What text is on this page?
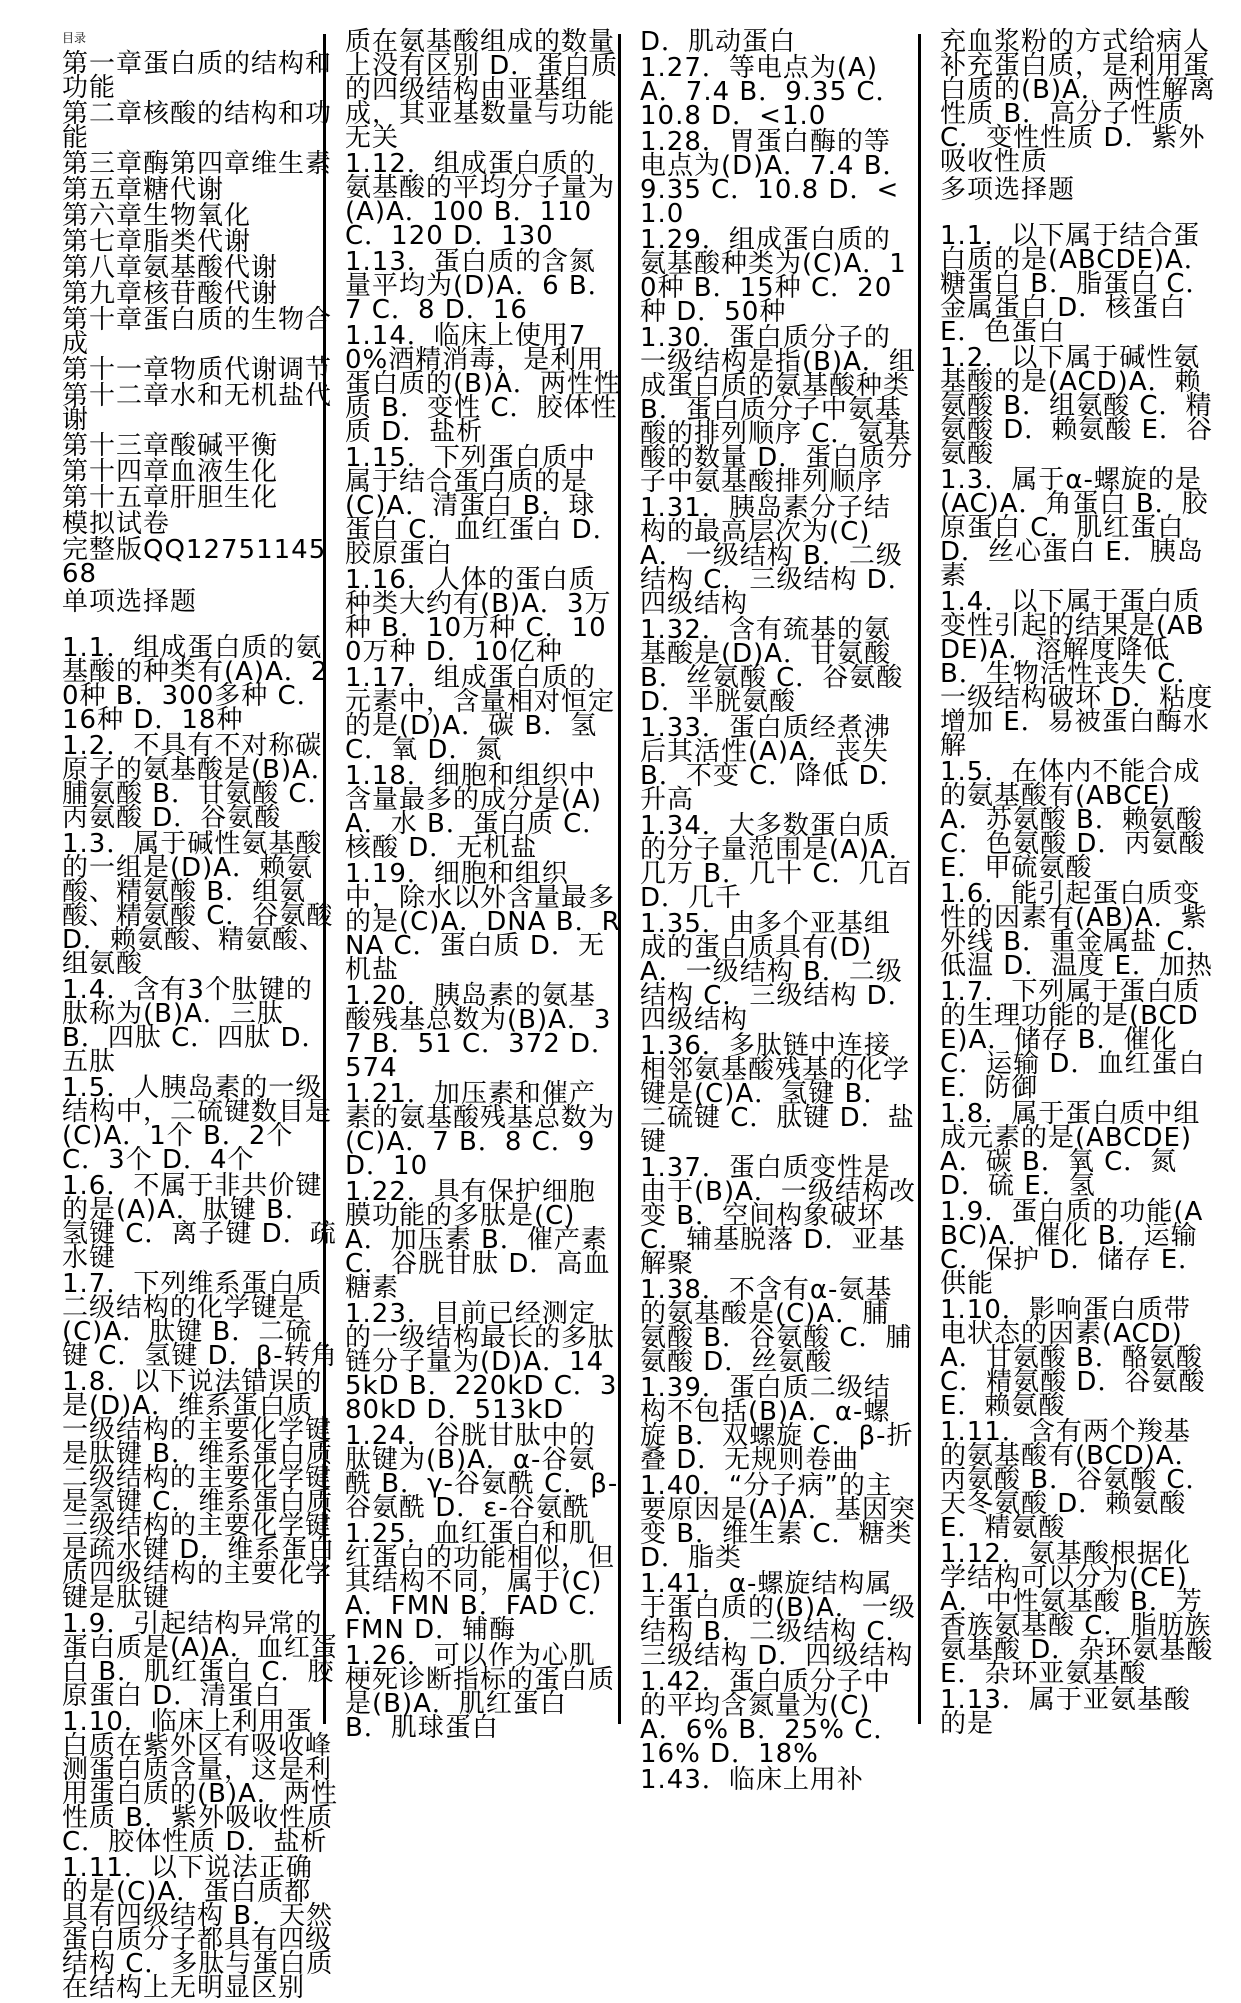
目录

第一章蛋白质的结构和功能

第二章核酸的结构和功能

第三章酶第四章维生素

第五章糖代谢

第六章生物氧化

第七章脂类代谢

第八章氨基酸代谢

第九章核苷酸代谢

第十章蛋白质的生物合成

第十一章物质代谢调节

第十二章水和无机盐代谢

第十三章酸碱平衡

第十四章血液生化

第十五章肝胆生化

模拟试卷

完整版QQ1275114568

单项选择题

1.1．组成蛋白质的氨基酸的种类有(A)A．20种 B．300多种 C．16种 D．18种

1.2．不具有不对称碳原子的氨基酸是(B)A．脯氨酸 B．甘氨酸 C．丙氨酸 D．谷氨酸

1.3．属于碱性氨基酸的一组是(D)A．赖氨酸、精氨酸 B．组氨酸、精氨酸 C．谷氨酸 D．赖氨酸、精氨酸、组氨酸

1.4．含有3个肽键的肽称为(B)A．三肽 B．四肽 C．四肽 D．五肽

1.5．人胰岛素的一级结构中，二硫键数目是(C)A．1个 B．2个 C．3个 D．4个

1.6．不属于非共价键的是(A)A．肽键 B．氢键 C．离子键 D．疏水键

1.7．下列维系蛋白质二级结构的化学键是(C)A．肽键 B．二硫键 C．氢键 D．β-转角

1.8．以下说法错误的是(D)A．维系蛋白质一级结构的主要化学键是肽键 B．维系蛋白质二级结构的主要化学键是氢键 C．维系蛋白质三级结构的主要化学键是疏水键 D．维系蛋白质四级结构的主要化学键是肽键

1.9．引起结构异常的蛋白质是(A)A．血红蛋白 B．肌红蛋白 C．胶原蛋白 D．清蛋白

1.10．临床上利用蛋白质在紫外区有吸收峰测蛋白质含量，这是利用蛋白质的(B)A．两性性质 B．紫外吸收性质 C．胶体性质 D．盐析

1.11．以下说法正确的是(C)A．蛋白质都具有四级结构 B．天然蛋白质分子都具有四级结构 C．多肽与蛋白质在结构上无明显区别

质在氨基酸组成的数量上没有区别 D．蛋白质的四级结构由亚基组成，其亚基数量与功能无关

1.12．组成蛋白质的氨基酸的平均分子量为(A)A．100 B．110 C．120 D．130

1.13．蛋白质的含氮量平均为(D)A．6 B．7 C．8 D．16

1.14．临床上使用70%酒精消毒，是利用蛋白质的(B)A．两性性质 B．变性 C．胶体性质 D．盐析

1.15．下列蛋白质中属于结合蛋白质的是(C)A．清蛋白 B．球蛋白 C．血红蛋白 D．胶原蛋白

1.16．人体的蛋白质种类大约有(B)A．3万种 B．10万种 C．100万种 D．10亿种

1.17．组成蛋白质的元素中，含量相对恒定的是(D)A．碳 B．氢 C．氧 D．氮

1.18．细胞和组织中含量最多的成分是(A)A．水 B．蛋白质 C．核酸 D．无机盐

1.19．细胞和组织中，除水以外含量最多的是(C)A．DNA B．RNA C．蛋白质 D．无机盐

1.20．胰岛素的氨基酸残基总数为(B)A．37 B．51 C．372 D．574

1.21．加压素和催产素的氨基酸残基总数为(C)A．7 B．8 C．9 D．10

1.22．具有保护细胞膜功能的多肽是(C)A．加压素 B．催产素 C．谷胱甘肽 D．高血糖素

1.23．目前已经测定的一级结构最长的多肽链分子量为(D)A．145kD B．220kD C．380kD D．513kD

1.24．谷胱甘肽中的肽键为(B)A．α-谷氨酰 B．γ-谷氨酰 C．β-谷氨酰 D．ε-谷氨酰

1.25．血红蛋白和肌红蛋白的功能相似，但其结构不同，属于(C)A．FMN B．FAD C．FMN D．辅酶

1.26．可以作为心肌梗死诊断指标的蛋白质是(B)A．肌红蛋白 B．肌球蛋白

D．肌动蛋白

1.27．等电点为(A)A．7.4 B．9.35 C．10.8 D．<1.0

1.28．胃蛋白酶的等电点为(D)A．7.4 B．9.35 C．10.8 D．<1.0

1.29．组成蛋白质的氨基酸种类为(C)A．10种 B．15种 C．20种 D．50种

1.30．蛋白质分子的一级结构是指(B)A．组成蛋白质的氨基酸种类 B．蛋白质分子中氨基酸的排列顺序 C．氨基酸的数量 D．蛋白质分子中氨基酸排列顺序

1.31．胰岛素分子结构的最高层次为(C)A．一级结构 B．二级结构 C．三级结构 D．四级结构

1.32．含有巯基的氨基酸是(D)A．甘氨酸 B．丝氨酸 C．谷氨酸 D．半胱氨酸

1.33．蛋白质经煮沸后其活性(A)A．丧失 B．不变 C．降低 D．升高

1.34．大多数蛋白质的分子量范围是(A)A．几万 B．几十 C．几百 D．几千

1.35．由多个亚基组成的蛋白质具有(D)A．一级结构 B．二级结构 C．三级结构 D．四级结构

1.36．多肽链中连接相邻氨基酸残基的化学键是(C)A．氢键 B．二硫键 C．肽键 D．盐键

1.37．蛋白质变性是由于(B)A．一级结构改变 B．空间构象破坏 C．辅基脱落 D．亚基解聚

1.38．不含有α-氨基的氨基酸是(C)A．脯氨酸 B．谷氨酸 C．脯氨酸 D．丝氨酸

1.39．蛋白质二级结构不包括(B)A．α-螺旋 B．双螺旋 C．β-折叠 D．无规则卷曲

1.40．“分子病”的主要原因是(A)A．基因突变 B．维生素 C．糖类 D．脂类

1.41．α-螺旋结构属于蛋白质的(B)A．一级结构 B．二级结构 C．三级结构 D．四级结构

1.42．蛋白质分子中的平均含氮量为(C)A．6% B．25% C．16% D．18%

1.43．临床上用补

充血浆粉的方式给病人补充蛋白质，是利用蛋白质的(B)A．两性解离性质 B．高分子性质 C．变性性质 D．紫外吸收性质

多项选择题

1.1．以下属于结合蛋白质的是(ABCDE)A．糖蛋白 B．脂蛋白 C．金属蛋白 D．核蛋白 E．色蛋白

1.2．以下属于碱性氨基酸的是(ACD)A．赖氨酸 B．组氨酸 C．精氨酸 D．赖氨酸 E．谷氨酸

1.3．属于α-螺旋的是(AC)A．角蛋白 B．胶原蛋白 C．肌红蛋白 D．丝心蛋白 E．胰岛素

1.4．以下属于蛋白质变性引起的结果是(ABDE)A．溶解度降低 B．生物活性丧失 C．一级结构破坏 D．粘度增加 E．易被蛋白酶水解

1.5．在体内不能合成的氨基酸有(ABCE)A．苏氨酸 B．赖氨酸 C．色氨酸 D．丙氨酸 E．甲硫氨酸

1.6．能引起蛋白质变性的因素有(AB)A．紫外线 B．重金属盐 C．低温 D．温度 E．加热

1.7．下列属于蛋白质的生理功能的是(BCDE)A．储存 B．催化 C．运输 D．血红蛋白 E．防御

1.8．属于蛋白质中组成元素的是(ABCDE)A．碳 B．氧 C．氮 D．硫 E．氢

1.9．蛋白质的功能(ABC)A．催化 B．运输 C．保护 D．储存 E．供能

1.10．影响蛋白质带电状态的因素(ACD)A．甘氨酸 B．酪氨酸 C．精氨酸 D．谷氨酸 E．赖氨酸

1.11．含有两个羧基的氨基酸有(BCD)A．丙氨酸 B．谷氨酸 C．天冬氨酸 D．赖氨酸 E．精氨酸

1.12．氨基酸根据化学结构可以分为(CE)A．中性氨基酸 B．芳香族氨基酸 C．脂肪族氨基酸 D．杂环氨基酸 E．杂环亚氨基酸

1.13．属于亚氨基酸的是
